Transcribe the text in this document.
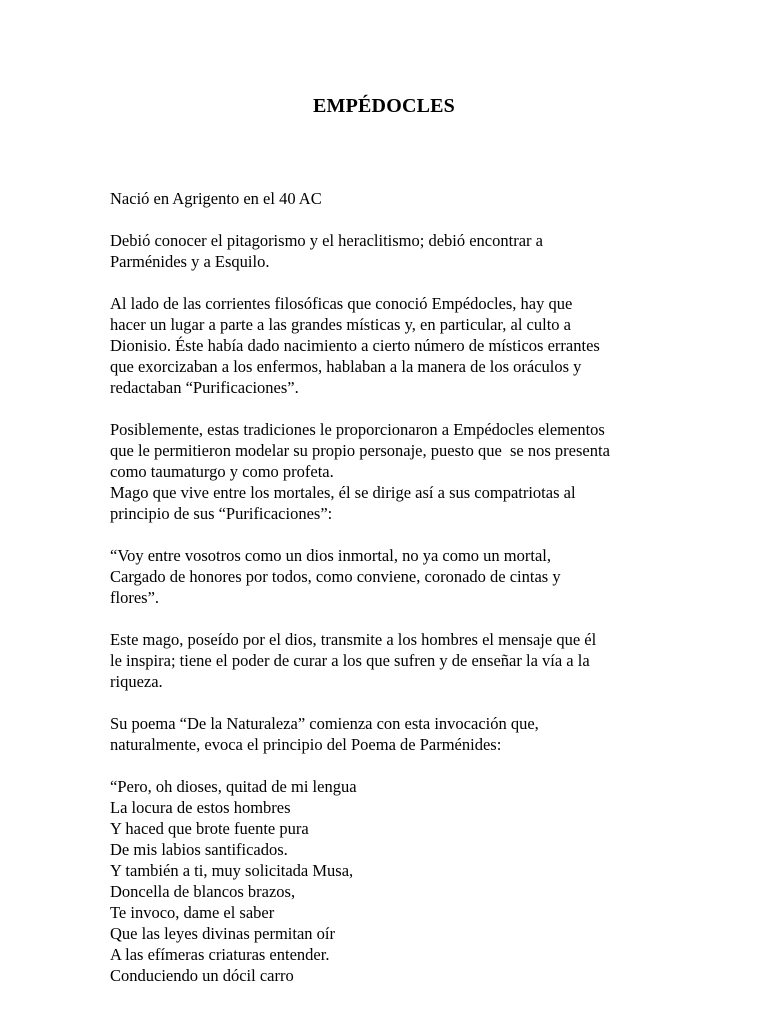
EMPÉDOCLES
Nació en Agrigento en el 40 AC
Debió conocer el pitagorismo y el heraclitismo; debió encontrar a
Parménides y a Esquilo.
Al lado de las corrientes filosóficas que conoció Empédocles, hay que
hacer un lugar a parte a las grandes místicas y, en particular, al culto a
Dionisio. Éste había dado nacimiento a cierto número de místicos errantes
que exorcizaban a los enfermos, hablaban a la manera de los oráculos y
redactaban “Purificaciones”.
Posiblemente, estas tradiciones le proporcionaron a Empédocles elementos
que le permitieron modelar su propio personaje, puesto que  se nos presenta
como taumaturgo y como profeta.
Mago que vive entre los mortales, él se dirige así a sus compatriotas al
principio de sus “Purificaciones”:
“Voy entre vosotros como un dios inmortal, no ya como un mortal,
Cargado de honores por todos, como conviene, coronado de cintas y
flores”.
Este mago, poseído por el dios, transmite a los hombres el mensaje que él
le inspira; tiene el poder de curar a los que sufren y de enseñar la vía a la
riqueza.
Su poema “De la Naturaleza” comienza con esta invocación que,
naturalmente, evoca el principio del Poema de Parménides:
“Pero, oh dioses, quitad de mi lengua
La locura de estos hombres
Y haced que brote fuente pura
De mis labios santificados.
Y también a ti, muy solicitada Musa,
Doncella de blancos brazos,
Te invoco, dame el saber
Que las leyes divinas permitan oír
A las efímeras criaturas entender.
Conduciendo un dócil carro
